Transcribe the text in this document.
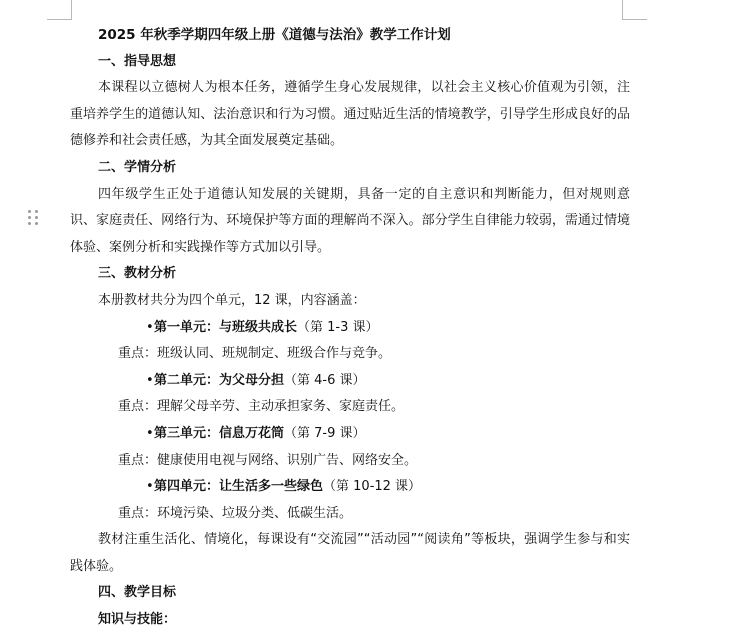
2025 年秋季学期四年级上册《道德与法治》教学工作计划
一、指导思想
本课程以立德树人为根本任务，遵循学生身心发展规律，以社会主义核心价值观为引领，注重培养学生的道德认知、法治意识和行为习惯。通过贴近生活的情境教学，引导学生形成良好的品德修养和社会责任感，为其全面发展奠定基础。
二、学情分析
四年级学生正处于道德认知发展的关键期，具备一定的自主意识和判断能力，但对规则意识、家庭责任、网络行为、环境保护等方面的理解尚不深入。部分学生自律能力较弱，需通过情境体验、案例分析和实践操作等方式加以引导。
三、教材分析
本册教材共分为四个单元，12 课，内容涵盖：
•第一单元：与班级共成长（第 1-3 课）
重点：班级认同、班规制定、班级合作与竞争。
•第二单元：为父母分担（第 4-6 课）
重点：理解父母辛劳、主动承担家务、家庭责任。
•第三单元：信息万花筒（第 7-9 课）
重点：健康使用电视与网络、识别广告、网络安全。
•第四单元：让生活多一些绿色（第 10-12 课）
重点：环境污染、垃圾分类、低碳生活。
教材注重生活化、情境化，每课设有“交流园”“活动园”“阅读角”等板块，强调学生参与和实践体验。
四、教学目标
知识与技能：
